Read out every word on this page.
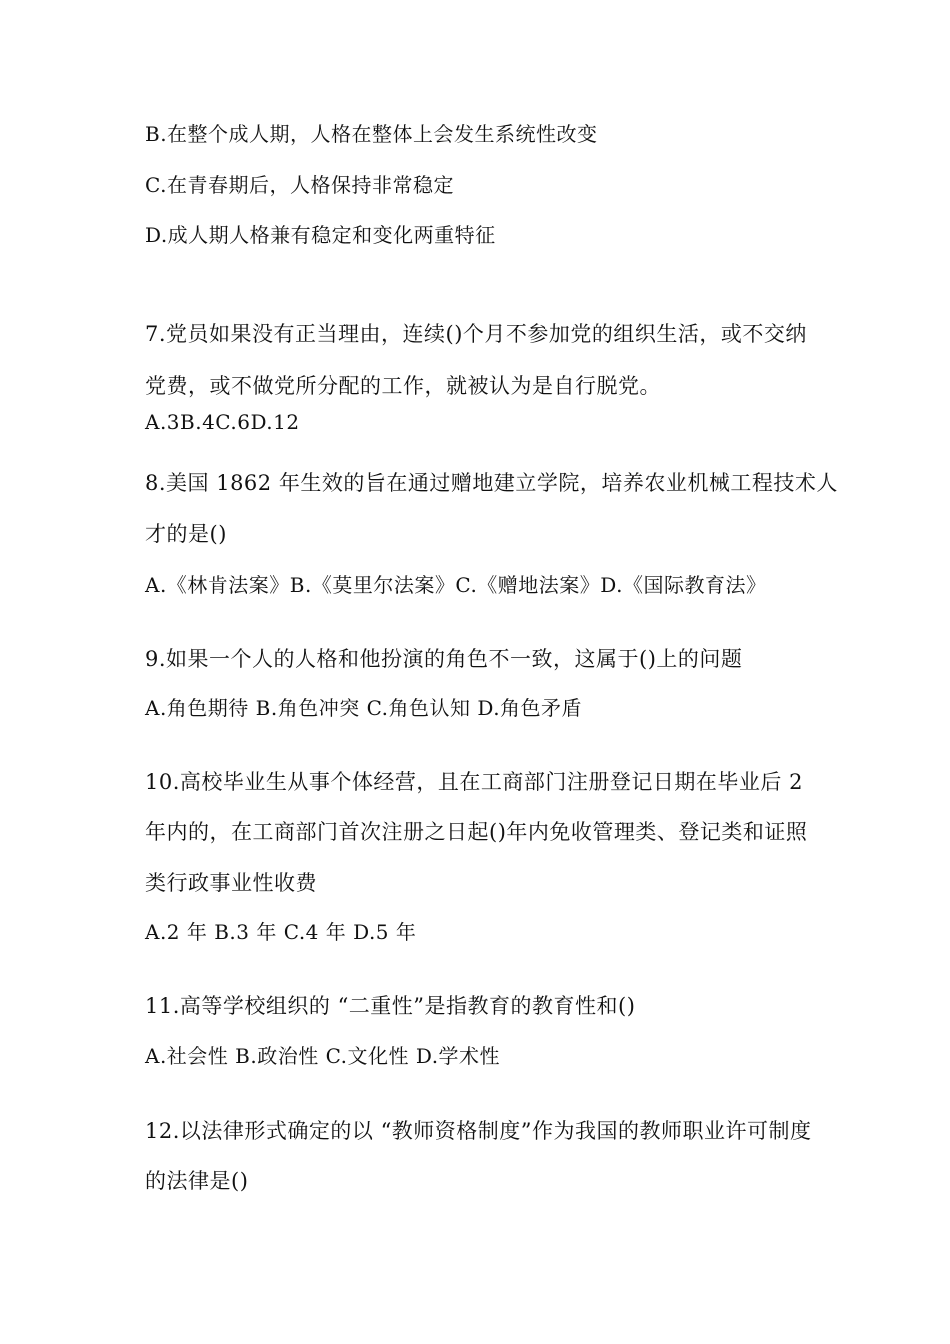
B.在整个成人期，人格在整体上会发生系统性改变
C.在青春期后，人格保持非常稳定
D.成人期人格兼有稳定和变化两重特征
7.党员如果没有正当理由，连续()个月不参加党的组织生活，或不交纳
党费，或不做党所分配的工作，就被认为是自行脱党。
A.3B.4C.6D.12
8.美国 1862 年生效的旨在通过赠地建立学院，培养农业机械工程技术人
才的是()
A.《林肯法案》B.《莫里尔法案》C.《赠地法案》D.《国际教育法》
9.如果一个人的人格和他扮演的角色不一致，这属于()上的问题
A.角色期待 B.角色冲突 C.角色认知 D.角色矛盾
10.高校毕业生从事个体经营，且在工商部门注册登记日期在毕业后 2
年内的，在工商部门首次注册之日起()年内免收管理类、登记类和证照
类行政事业性收费
A.2 年 B.3 年 C.4 年 D.5 年
11.高等学校组织的 “二重性”是指教育的教育性和()
A.社会性 B.政治性 C.文化性 D.学术性
12.以法律形式确定的以 “教师资格制度”作为我国的教师职业许可制度
的法律是()
